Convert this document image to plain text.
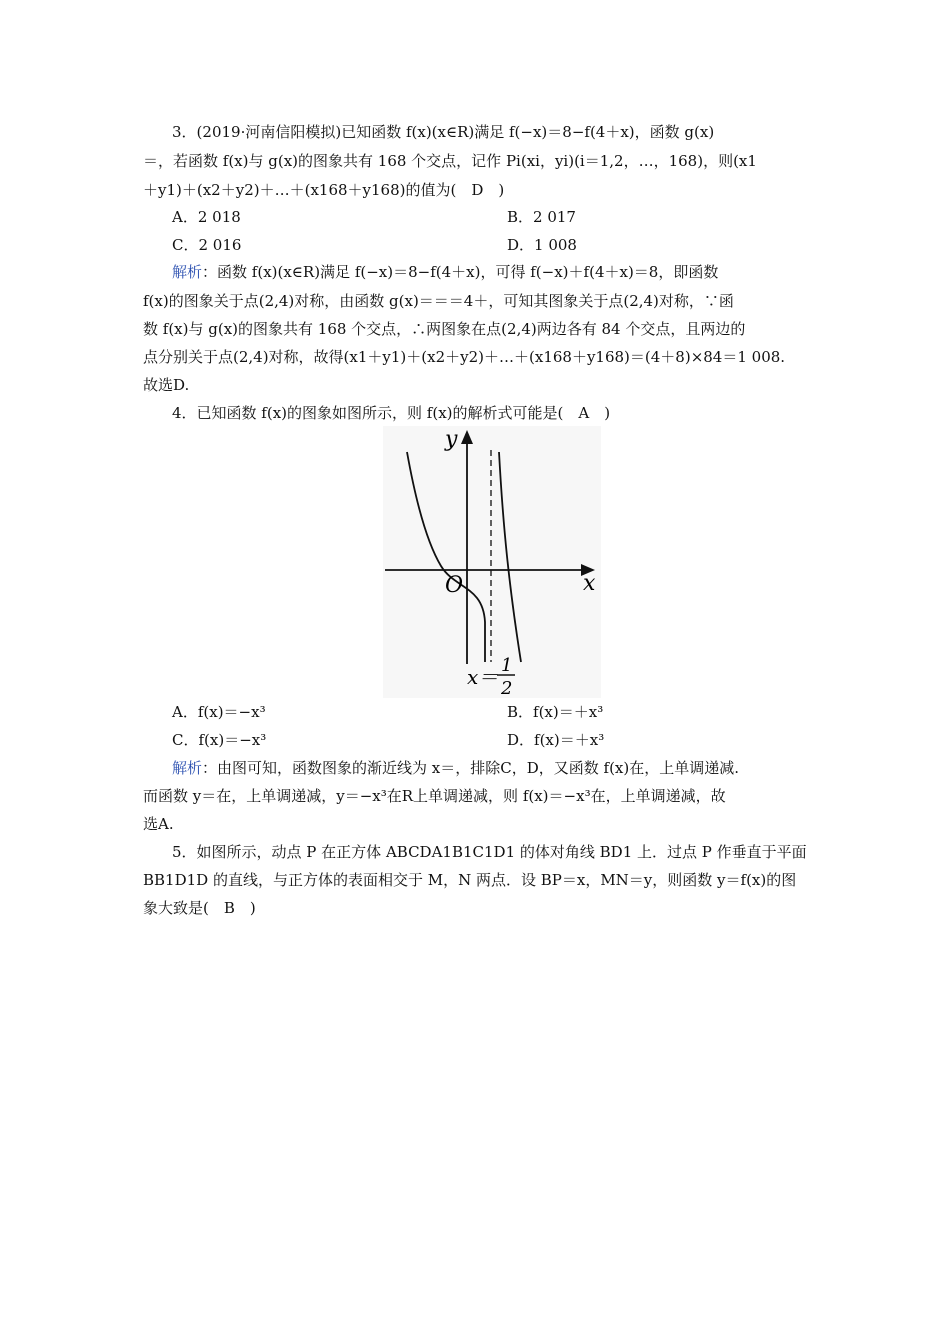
3．(2019·河南信阳模拟)已知函数 f(x)(x∈R)满足 f(−x)＝8−f(4＋x)，函数 g(x)
＝，若函数 f(x)与 g(x)的图象共有 168 个交点，记作 Pi(xi，yi)(i＝1,2，…，168)，则(x1
＋y1)＋(x2＋y2)＋…＋(x168＋y168)的值为(　D　)
A．2 018	B．2 017
C．2 016	D．1 008
解析：函数 f(x)(x∈R)满足 f(−x)＝8−f(4＋x)，可得 f(−x)＋f(4＋x)＝8，即函数
f(x)的图象关于点(2,4)对称，由函数 g(x)＝＝＝4＋，可知其图象关于点(2,4)对称，∵函
数 f(x)与 g(x)的图象共有 168 个交点，∴两图象在点(2,4)两边各有 84 个交点，且两边的
点分别关于点(2,4)对称，故得(x1＋y1)＋(x2＋y2)＋…＋(x168＋y168)＝(4＋8)×84＝1 008.
故选D.
4．已知函数 f(x)的图象如图所示，则 f(x)的解析式可能是(　A　)
y
x
O
x＝ 1
2
A．f(x)＝−x³	B．f(x)＝＋x³
C．f(x)＝−x³	D．f(x)＝＋x³
解析：由图可知，函数图象的渐近线为 x＝，排除C，D，又函数 f(x)在，上单调递减.
而函数 y＝在，上单调递减，y＝−x³在R上单调递减，则 f(x)＝−x³在，上单调递减，故
选A.
5．如图所示，动点 P 在正方体 ABCDA1B1C1D1 的体对角线 BD1 上．过点 P 作垂直于平面
BB1D1D 的直线，与正方体的表面相交于 M，N 两点．设 BP＝x，MN＝y，则函数 y＝f(x)的图
象大致是(　B　)
